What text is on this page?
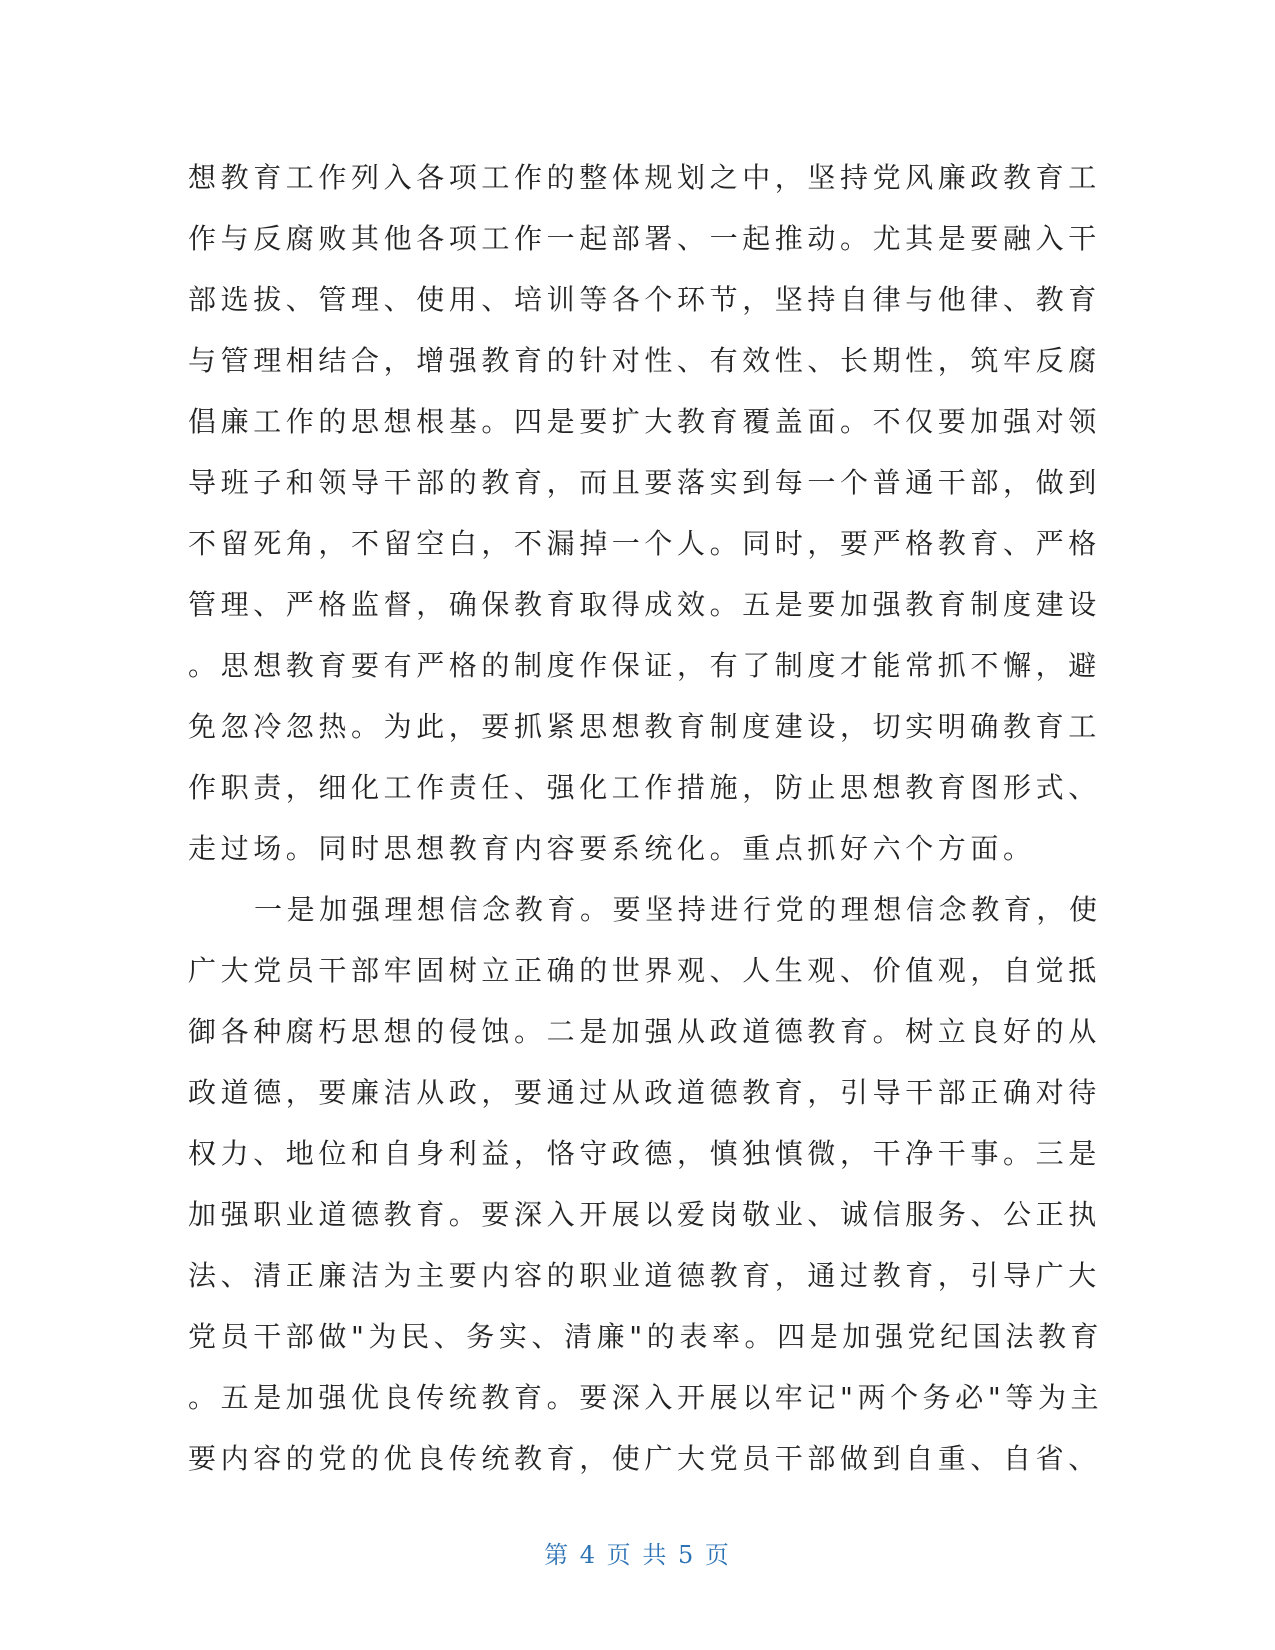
想教育工作列入各项工作的整体规划之中，坚持党风廉政教育工
作与反腐败其他各项工作一起部署、一起推动。尤其是要融入干
部选拔、管理、使用、培训等各个环节，坚持自律与他律、教育
与管理相结合，增强教育的针对性、有效性、长期性，筑牢反腐
倡廉工作的思想根基。四是要扩大教育覆盖面。不仅要加强对领
导班子和领导干部的教育，而且要落实到每一个普通干部，做到
不留死角，不留空白，不漏掉一个人。同时，要严格教育、严格
管理、严格监督，确保教育取得成效。五是要加强教育制度建设
。思想教育要有严格的制度作保证，有了制度才能常抓不懈，避
免忽冷忽热。为此，要抓紧思想教育制度建设，切实明确教育工
作职责，细化工作责任、强化工作措施，防止思想教育图形式、
走过场。同时思想教育内容要系统化。重点抓好六个方面。
一是加强理想信念教育。要坚持进行党的理想信念教育，使
广大党员干部牢固树立正确的世界观、人生观、价值观，自觉抵
御各种腐朽思想的侵蚀。二是加强从政道德教育。树立良好的从
政道德，要廉洁从政，要通过从政道德教育，引导干部正确对待
权力、地位和自身利益，恪守政德，慎独慎微，干净干事。三是
加强职业道德教育。要深入开展以爱岗敬业、诚信服务、公正执
法、清正廉洁为主要内容的职业道德教育，通过教育，引导广大
党员干部做"为民、务实、清廉"的表率。四是加强党纪国法教育
。五是加强优良传统教育。要深入开展以牢记"两个务必"等为主
要内容的党的优良传统教育，使广大党员干部做到自重、自省、
第 4 页 共 5 页
